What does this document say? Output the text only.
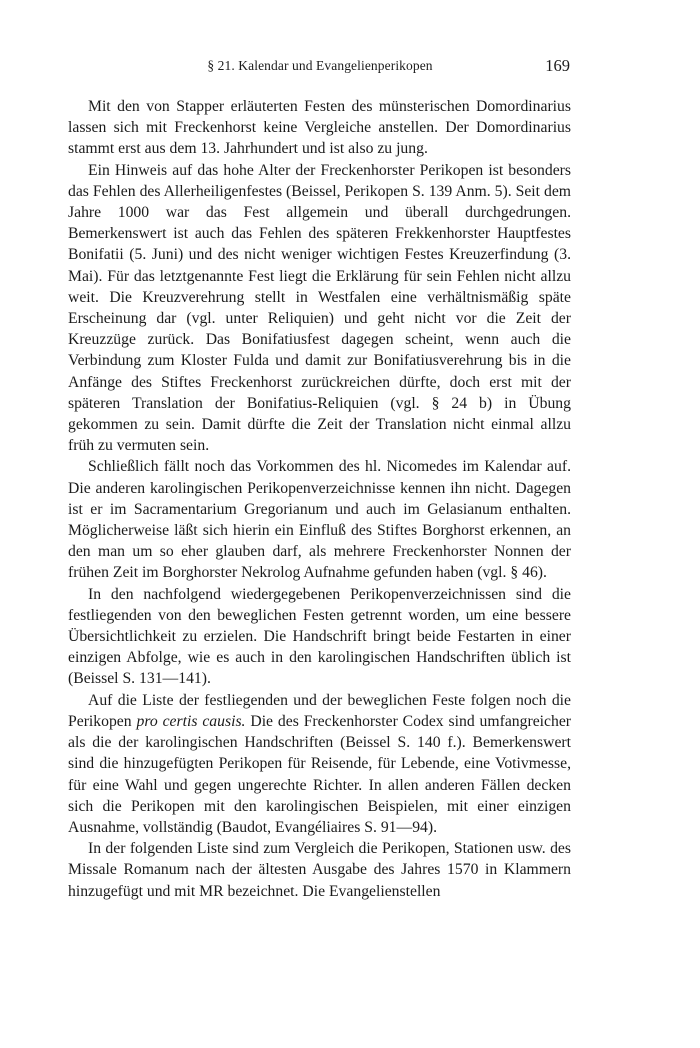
§ 21. Kalendar und Evangelienperikopen	169

Mit den von Stapper erläuterten Festen des münsterischen Domordinarius lassen sich mit Freckenhorst keine Vergleiche anstellen. Der Domordinarius stammt erst aus dem 13. Jahrhundert und ist also zu jung.

Ein Hinweis auf das hohe Alter der Freckenhorster Perikopen ist besonders das Fehlen des Allerheiligenfestes (Beissel, Perikopen S. 139 Anm. 5). Seit dem Jahre 1000 war das Fest allgemein und überall durchgedrungen. Bemerkenswert ist auch das Fehlen des späteren Frekkenhorster Hauptfestes Bonifatii (5. Juni) und des nicht weniger wichtigen Festes Kreuzerfindung (3. Mai). Für das letztgenannte Fest liegt die Erklärung für sein Fehlen nicht allzu weit. Die Kreuzverehrung stellt in Westfalen eine verhältnismäßig späte Erscheinung dar (vgl. unter Reliquien) und geht nicht vor die Zeit der Kreuzzüge zurück. Das Bonifatiusfest dagegen scheint, wenn auch die Verbindung zum Kloster Fulda und damit zur Bonifatiusverehrung bis in die Anfänge des Stiftes Freckenhorst zurückreichen dürfte, doch erst mit der späteren Translation der Bonifatius-Reliquien (vgl. § 24 b) in Übung gekommen zu sein. Damit dürfte die Zeit der Translation nicht einmal allzu früh zu vermuten sein.

Schließlich fällt noch das Vorkommen des hl. Nicomedes im Kalendar auf. Die anderen karolingischen Perikopenverzeichnisse kennen ihn nicht. Dagegen ist er im Sacramentarium Gregorianum und auch im Gelasianum enthalten. Möglicherweise läßt sich hierin ein Einfluß des Stiftes Borghorst erkennen, an den man um so eher glauben darf, als mehrere Freckenhorster Nonnen der frühen Zeit im Borghorster Nekrolog Aufnahme gefunden haben (vgl. § 46).

In den nachfolgend wiedergegebenen Perikopenverzeichnissen sind die festliegenden von den beweglichen Festen getrennt worden, um eine bessere Übersichtlichkeit zu erzielen. Die Handschrift bringt beide Festarten in einer einzigen Abfolge, wie es auch in den karolingischen Handschriften üblich ist (Beissel S. 131—141).

Auf die Liste der festliegenden und der beweglichen Feste folgen noch die Perikopen pro certis causis. Die des Freckenhorster Codex sind umfangreicher als die der karolingischen Handschriften (Beissel S. 140 f.). Bemerkenswert sind die hinzugefügten Perikopen für Reisende, für Lebende, eine Votivmesse, für eine Wahl und gegen ungerechte Richter. In allen anderen Fällen decken sich die Perikopen mit den karolingischen Beispielen, mit einer einzigen Ausnahme, vollständig (Baudot, Evangéliaires S. 91—94).

In der folgenden Liste sind zum Vergleich die Perikopen, Stationen usw. des Missale Romanum nach der ältesten Ausgabe des Jahres 1570 in Klammern hinzugefügt und mit MR bezeichnet. Die Evangelienstellen
